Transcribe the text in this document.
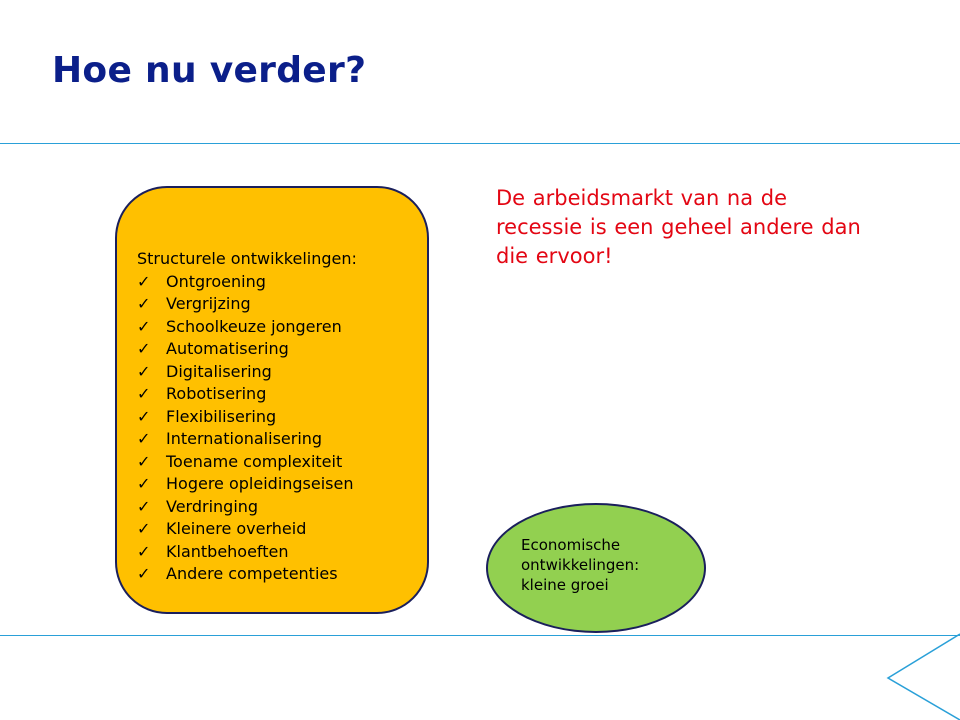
Hoe nu verder?

Structurele ontwikkelingen:

✓ Ontgroening
✓ Vergrijzing
✓ Schoolkeuze jongeren
✓ Automatisering
✓ Digitalisering
✓ Robotisering
✓ Flexibilisering
✓ Internationalisering
✓ Toename complexiteit
✓ Hogere opleidingseisen
✓ Verdringing
✓ Kleinere overheid
✓ Klantbehoeften
✓ Andere competenties

De arbeidsmarkt van na de recessie is een geheel andere dan die ervoor!

Economische
ontwikkelingen:
kleine groei
